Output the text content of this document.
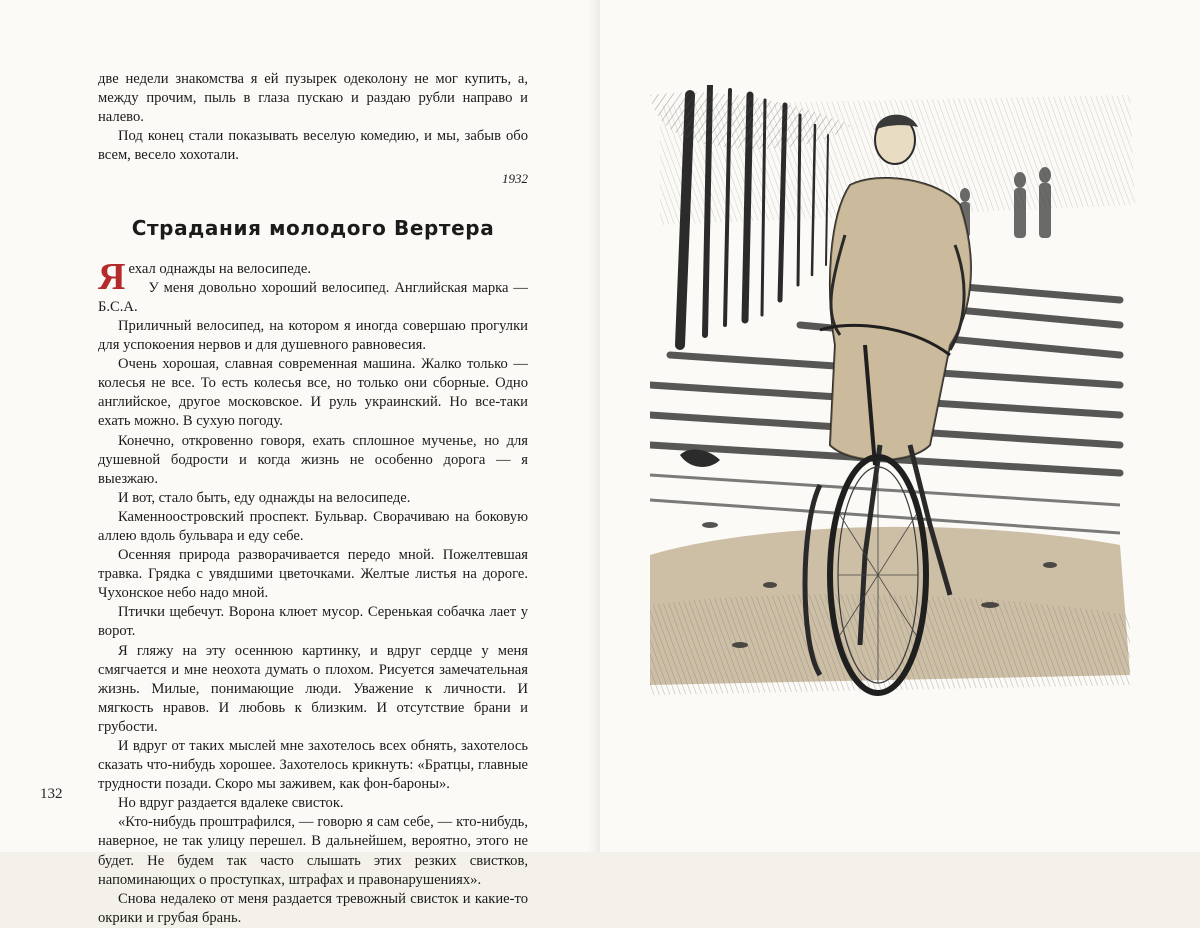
две недели знакомства я ей пузырек одеколону не мог купить, а, между прочим, пыль в глаза пускаю и раздаю рубли направо и налево.

Под конец стали показывать веселую комедию, и мы, забыв обо всем, весело хохотали.

1932
Страдания молодого Вертера

Я ехал однажды на велосипеде.

У меня довольно хороший велосипед. Английская марка — Б.С.А.

Приличный велосипед, на котором я иногда совершаю прогулки для успокоения нервов и для душевного равновесия.

Очень хорошая, славная современная машина. Жалко только — колесья не все. То есть колесья все, но только они сборные. Одно английское, другое московское. И руль украинский. Но все-таки ехать можно. В сухую погоду.

Конечно, откровенно говоря, ехать сплошное мученье, но для душевной бодрости и когда жизнь не особенно дорога — я выезжаю.

И вот, стало быть, еду однажды на велосипеде.

Каменноостровский проспект. Бульвар. Сворачиваю на боковую аллею вдоль бульвара и еду себе.

Осенняя природа разворачивается передо мной. Пожелтевшая травка. Грядка с увядшими цветочками. Желтые листья на дороге. Чухонское небо надо мной.

Птички щебечут. Ворона клюет мусор. Серенькая собачка лает у ворот.

Я гляжу на эту осеннюю картинку, и вдруг сердце у меня смягчается и мне неохота думать о плохом. Рисуется замечательная жизнь. Милые, понимающие люди. Уважение к личности. И мягкость нравов. И любовь к близким. И отсутствие брани и грубости.

И вдруг от таких мыслей мне захотелось всех обнять, захотелось сказать что-нибудь хорошее. Захотелось крикнуть: «Братцы, главные трудности позади. Скоро мы заживем, как фон-бароны».

Но вдруг раздается вдалеке свисток.

«Кто-нибудь проштрафился, — говорю я сам себе, — кто-нибудь, наверное, не так улицу перешел. В дальнейшем, вероятно, этого не будет. Не будем так часто слышать этих резких свистков, напоминающих о проступках, штрафах и правонарушениях».

Снова недалеко от меня раздается тревожный свисток и какие-то окрики и грубая брань.

132
